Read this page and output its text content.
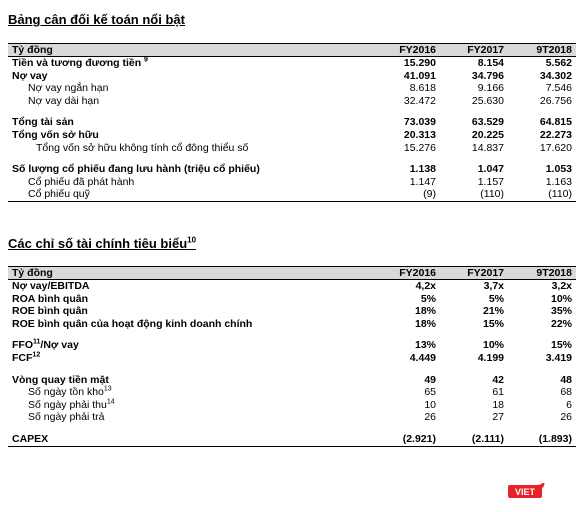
Bảng cân đối kế toán nổi bật
Tỷ đồng	FY2016	FY2017	9T2018
Tiền và tương đương tiền $^9$	15.290	8.154	5.562
Nợ vay	41.091	34.796	34.302
Nợ vay ngắn hạn	8.618	9.166	7.546
Nợ vay dài hạn	32.472	25.630	26.756

Tổng tài sản	73.039	63.529	64.815
Tổng vốn sở hữu	20.313	20.225	22.273
Tổng vốn sở hữu không tính cổ đông thiểu số	15.276	14.837	17.620

Số lượng cổ phiếu đang lưu hành (triệu cổ phiếu)	1.138	1.047	1.053
Cổ phiếu đã phát hành	1.147	1.157	1.163
Cổ phiếu quỹ	(9)	(110)	(110)
Các chỉ số tài chính tiêu biểu$^{10}$
Tỷ đồng	FY2016	FY2017	9T2018
Nợ vay/EBITDA	4,2x	3,7x	3,2x
ROA bình quân	5%	5%	10%
ROE bình quân	18%	21%	35%
ROE bình quân của hoạt động kinh doanh chính	18%	15%	22%

FFO$^{11}$/Nợ vay	13%	10%	15%
FCF$^{12}$	4.449	4.199	3.419

Vòng quay tiền mặt	49	42	48
Số ngày tồn kho$^{13}$	65	61	68
Số ngày phải thu$^{14}$	10	18	6
Số ngày phải trả	26	27	26

CAPEX	(2.921)	(2.111)	(1.893)
VIET
